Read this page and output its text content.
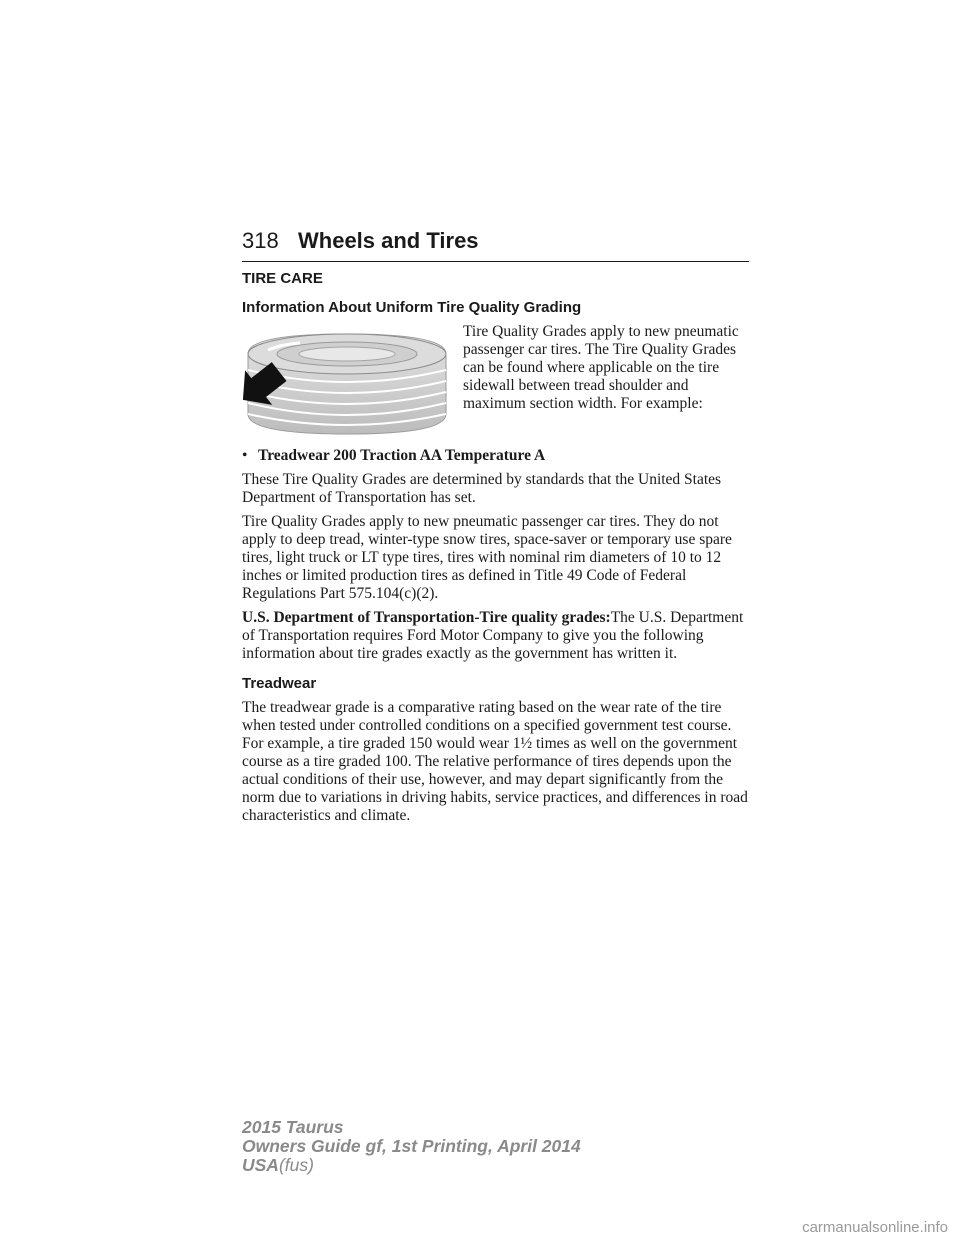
318 Wheels and Tires
TIRE CARE
Information About Uniform Tire Quality Grading
Tire Quality Grades apply to new pneumatic passenger car tires. The Tire Quality Grades can be found where applicable on the tire sidewall between tread shoulder and maximum section width. For example:
• Treadwear 200 Traction AA Temperature A

These Tire Quality Grades are determined by standards that the United States Department of Transportation has set.

Tire Quality Grades apply to new pneumatic passenger car tires. They do not apply to deep tread, winter-type snow tires, space-saver or temporary use spare tires, light truck or LT type tires, tires with nominal rim diameters of 10 to 12 inches or limited production tires as defined in Title 49 Code of Federal Regulations Part 575.104(c)(2).

U.S. Department of Transportation-Tire quality grades:The U.S. Department of Transportation requires Ford Motor Company to give you the following information about tire grades exactly as the government has written it.

Treadwear

The treadwear grade is a comparative rating based on the wear rate of the tire when tested under controlled conditions on a specified government test course. For example, a tire graded 150 would wear 1½ times as well on the government course as a tire graded 100. The relative performance of tires depends upon the actual conditions of their use, however, and may depart significantly from the norm due to variations in driving habits, service practices, and differences in road characteristics and climate.

2015 Taurus
Owners Guide gf, 1st Printing, April 2014
USA(fus)
carmanualsonline.info
